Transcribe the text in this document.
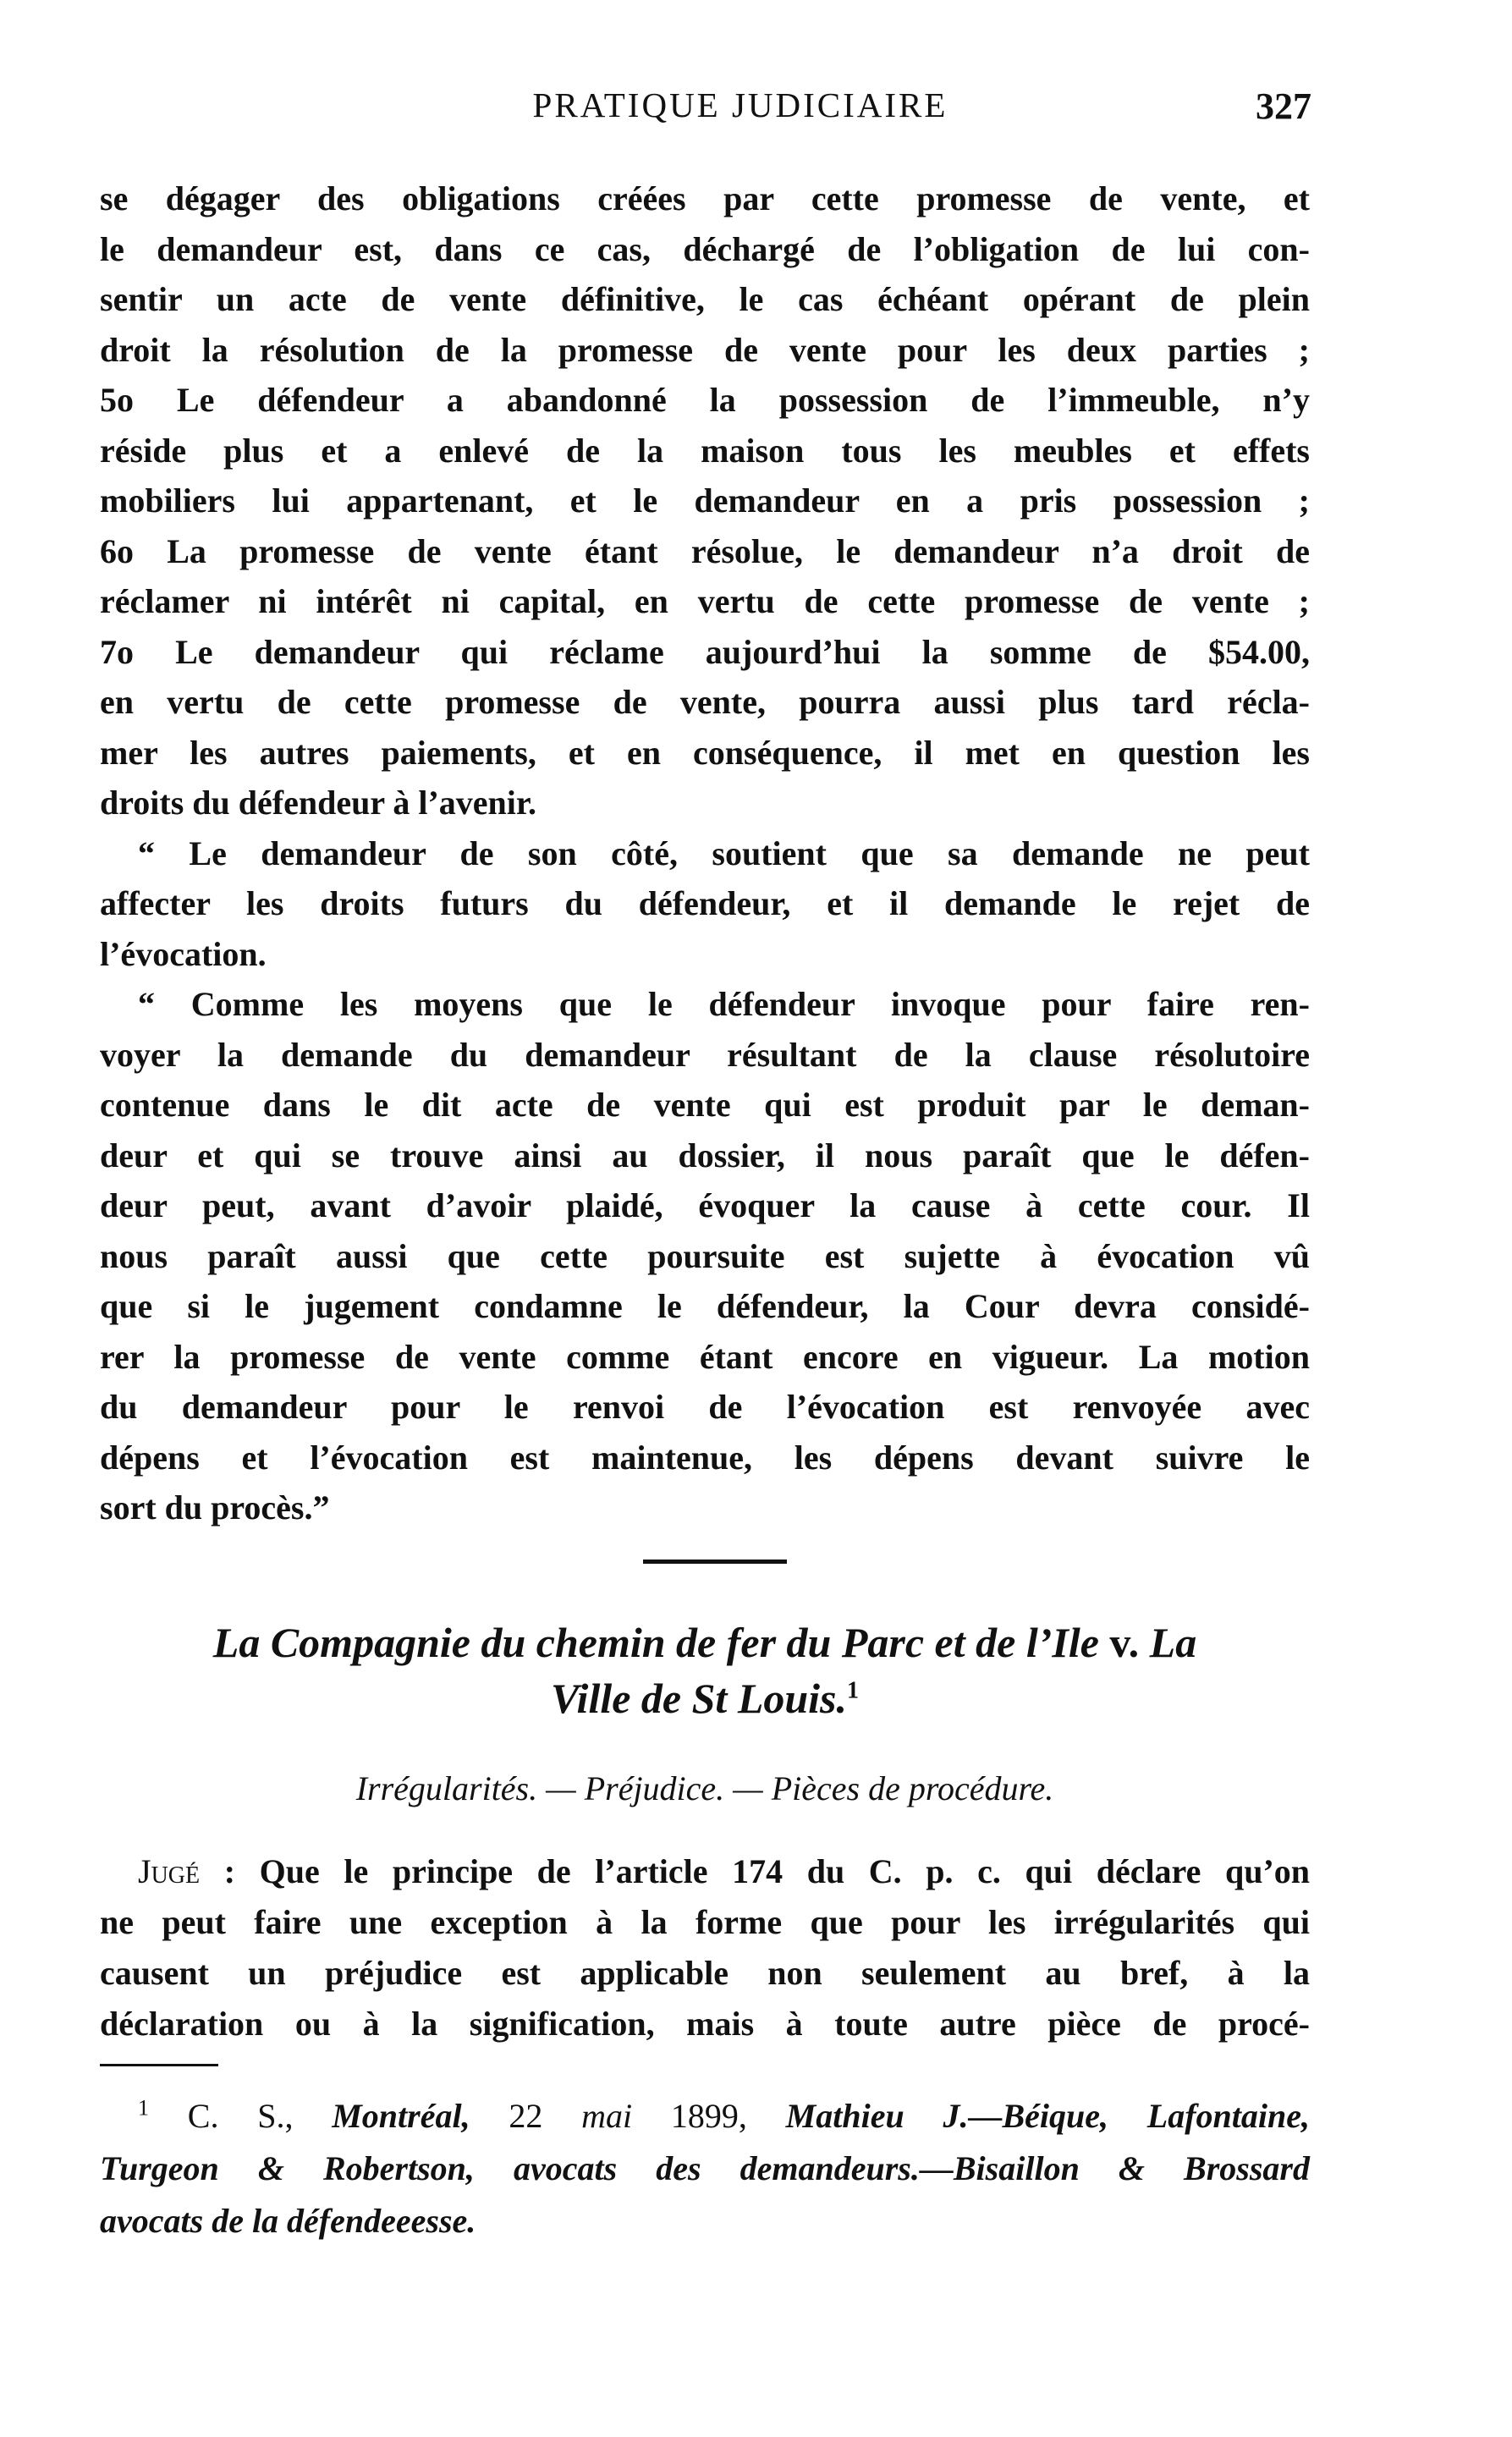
PRATIQUE JUDICIAIRE	327
se dégager des obligations créées par cette promesse de vente, et
le demandeur est, dans ce cas, déchargé de l’obligation de lui con-
sentir un acte de vente définitive, le cas échéant opérant de plein
droit la résolution de la promesse de vente pour les deux parties ;
5o Le défendeur a abandonné la possession de l’immeuble, n’y
réside plus et a enlevé de la maison tous les meubles et effets
mobiliers lui appartenant, et le demandeur en a pris possession ;
6o La promesse de vente étant résolue, le demandeur n’a droit de
réclamer ni intérêt ni capital, en vertu de cette promesse de vente ;
7o Le demandeur qui réclame aujourd’hui la somme de $54.00,
en vertu de cette promesse de vente, pourra aussi plus tard récla-
mer les autres paiements, et en conséquence, il met en question les
droits du défendeur à l’avenir.
“ Le demandeur de son côté, soutient que sa demande ne peut
affecter les droits futurs du défendeur, et il demande le rejet de
l’évocation.
“ Comme les moyens que le défendeur invoque pour faire ren-
voyer la demande du demandeur résultant de la clause résolutoire
contenue dans le dit acte de vente qui est produit par le deman-
deur et qui se trouve ainsi au dossier, il nous paraît que le défen-
deur peut, avant d’avoir plaidé, évoquer la cause à cette cour. Il
nous paraît aussi que cette poursuite est sujette à évocation vû
que si le jugement condamne le défendeur, la Cour devra considé-
rer la promesse de vente comme étant encore en vigueur. La motion
du demandeur pour le renvoi de l’évocation est renvoyée avec
dépens et l’évocation est maintenue, les dépens devant suivre le
sort du procès.”
La Compagnie du chemin de fer du Parc et de l’Ile v. La
Ville de St Louis.$^1$
Irrégularités. — Préjudice. — Pièces de procédure.
Jugé : Que le principe de l’article 174 du C. p. c. qui déclare qu’on
ne peut faire une exception à la forme que pour les irrégularités qui
causent un préjudice est applicable non seulement au bref, à la
déclaration ou à la signification, mais à toute autre pièce de procé-
$^1$ C. S., Montréal, 22 mai 1899, Mathieu J.—Béique, Lafontaine,
Turgeon & Robertson, avocats des demandeurs.—Bisaillon & Brossard
avocats de la défendeeesse.
